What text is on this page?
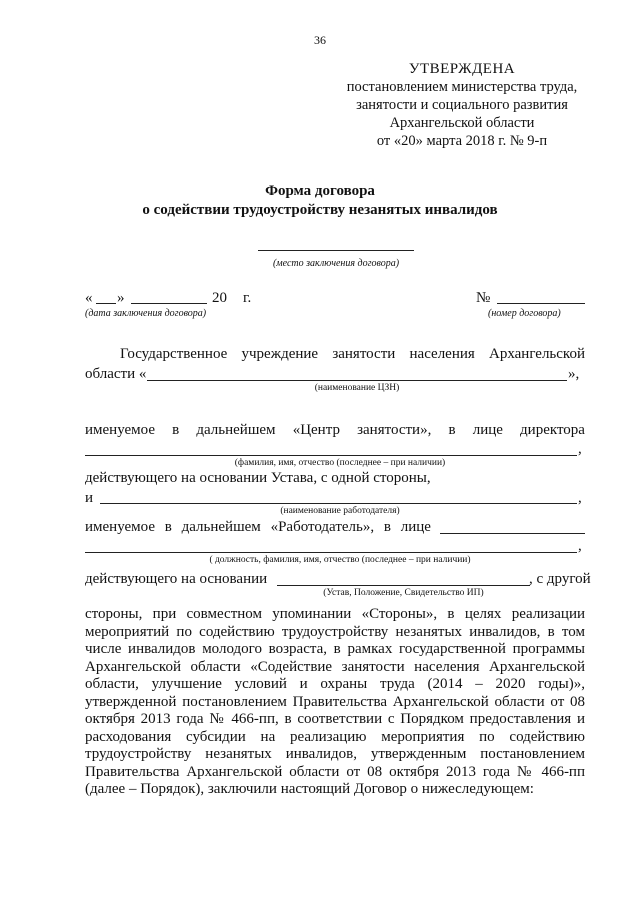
36
УТВЕРЖДЕНА
постановлением министерства труда,
занятости и социального развития
Архангельской области
от «20» марта 2018 г. № 9-п
Форма договора
о содействии трудоустройству незанятых инвалидов
(место заключения договора)
« »	20 г.	№
(дата заключения договора)	(номер договора)
Государственное учреждение занятости населения Архангельской
области «	»,
(наименование ЦЗН)
именуемое в дальнейшем «Центр занятости», в лице директора
,
(фамилия, имя, отчество (последнее – при наличии)
действующего на основании Устава, с одной стороны,
и	,
(наименование работодателя)
именуемое в дальнейшем «Работодатель», в лице
,
( должность, фамилия, имя, отчество (последнее – при наличии)
действующего на основании	, с другой
(Устав, Положение, Свидетельство ИП)
стороны, при совместном упоминании «Стороны», в целях реализации мероприятий по содействию трудоустройству незанятых инвалидов, в том числе инвалидов молодого возраста, в рамках государственной программы Архангельской области «Содействие занятости населения Архангельской области, улучшение условий и охраны труда (2014 – 2020 годы)», утвержденной постановлением Правительства Архангельской области от 08 октября 2013 года № 466-пп, в соответствии с Порядком предоставления и расходования субсидии на реализацию мероприятия по содействию трудоустройству незанятых инвалидов, утвержденным постановлением Правительства Архангельской области от 08 октября 2013 года № 466-пп (далее – Порядок), заключили настоящий Договор о нижеследующем:
